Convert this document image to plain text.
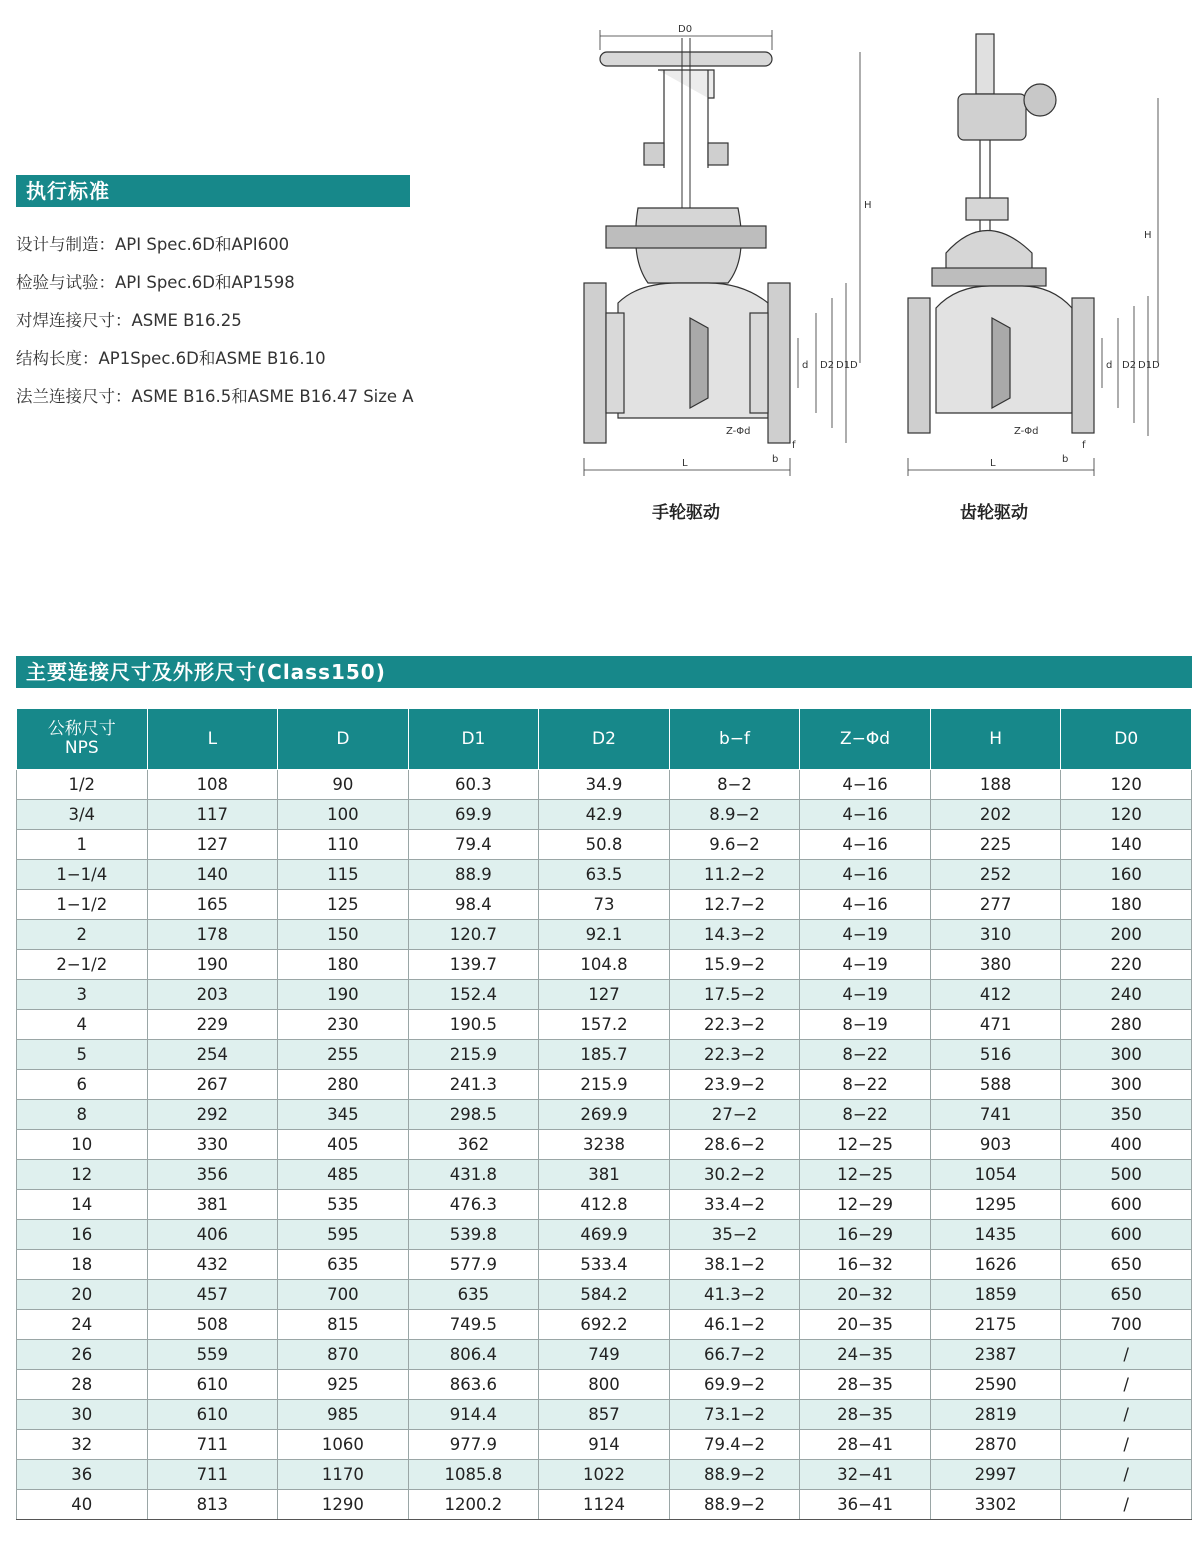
执行标准
设计与制造：API Spec.6D和API600
检验与试验：API Spec.6D和AP1598
对焊连接尺寸：ASME B16.25
结构长度：AP1Spec.6D和ASME B16.10
法兰连接尺寸：ASME B16.5和ASME B16.47 Size A
D0
H
d D2 D1 D
Z-Φd
f
b
L
手轮驱动
H
d D2 D1 D
Z-Φd
f
b
L
齿轮驱动
主要连接尺寸及外形尺寸(Class150)
公称尺寸
NPS	L	D	D1	D2	b−f	Z−Φd	H	D0
1/2	108	90	60.3	34.9	8−2	4−16	188	120
3/4	117	100	69.9	42.9	8.9−2	4−16	202	120
1	127	110	79.4	50.8	9.6−2	4−16	225	140
1−1/4	140	115	88.9	63.5	11.2−2	4−16	252	160
1−1/2	165	125	98.4	73	12.7−2	4−16	277	180
2	178	150	120.7	92.1	14.3−2	4−19	310	200
2−1/2	190	180	139.7	104.8	15.9−2	4−19	380	220
3	203	190	152.4	127	17.5−2	4−19	412	240
4	229	230	190.5	157.2	22.3−2	8−19	471	280
5	254	255	215.9	185.7	22.3−2	8−22	516	300
6	267	280	241.3	215.9	23.9−2	8−22	588	300
8	292	345	298.5	269.9	27−2	8−22	741	350
10	330	405	362	3238	28.6−2	12−25	903	400
12	356	485	431.8	381	30.2−2	12−25	1054	500
14	381	535	476.3	412.8	33.4−2	12−29	1295	600
16	406	595	539.8	469.9	35−2	16−29	1435	600
18	432	635	577.9	533.4	38.1−2	16−32	1626	650
20	457	700	635	584.2	41.3−2	20−32	1859	650
24	508	815	749.5	692.2	46.1−2	20−35	2175	700
26	559	870	806.4	749	66.7−2	24−35	2387	/
28	610	925	863.6	800	69.9−2	28−35	2590	/
30	610	985	914.4	857	73.1−2	28−35	2819	/
32	711	1060	977.9	914	79.4−2	28−41	2870	/
36	711	1170	1085.8	1022	88.9−2	32−41	2997	/
40	813	1290	1200.2	1124	88.9−2	36−41	3302	/
